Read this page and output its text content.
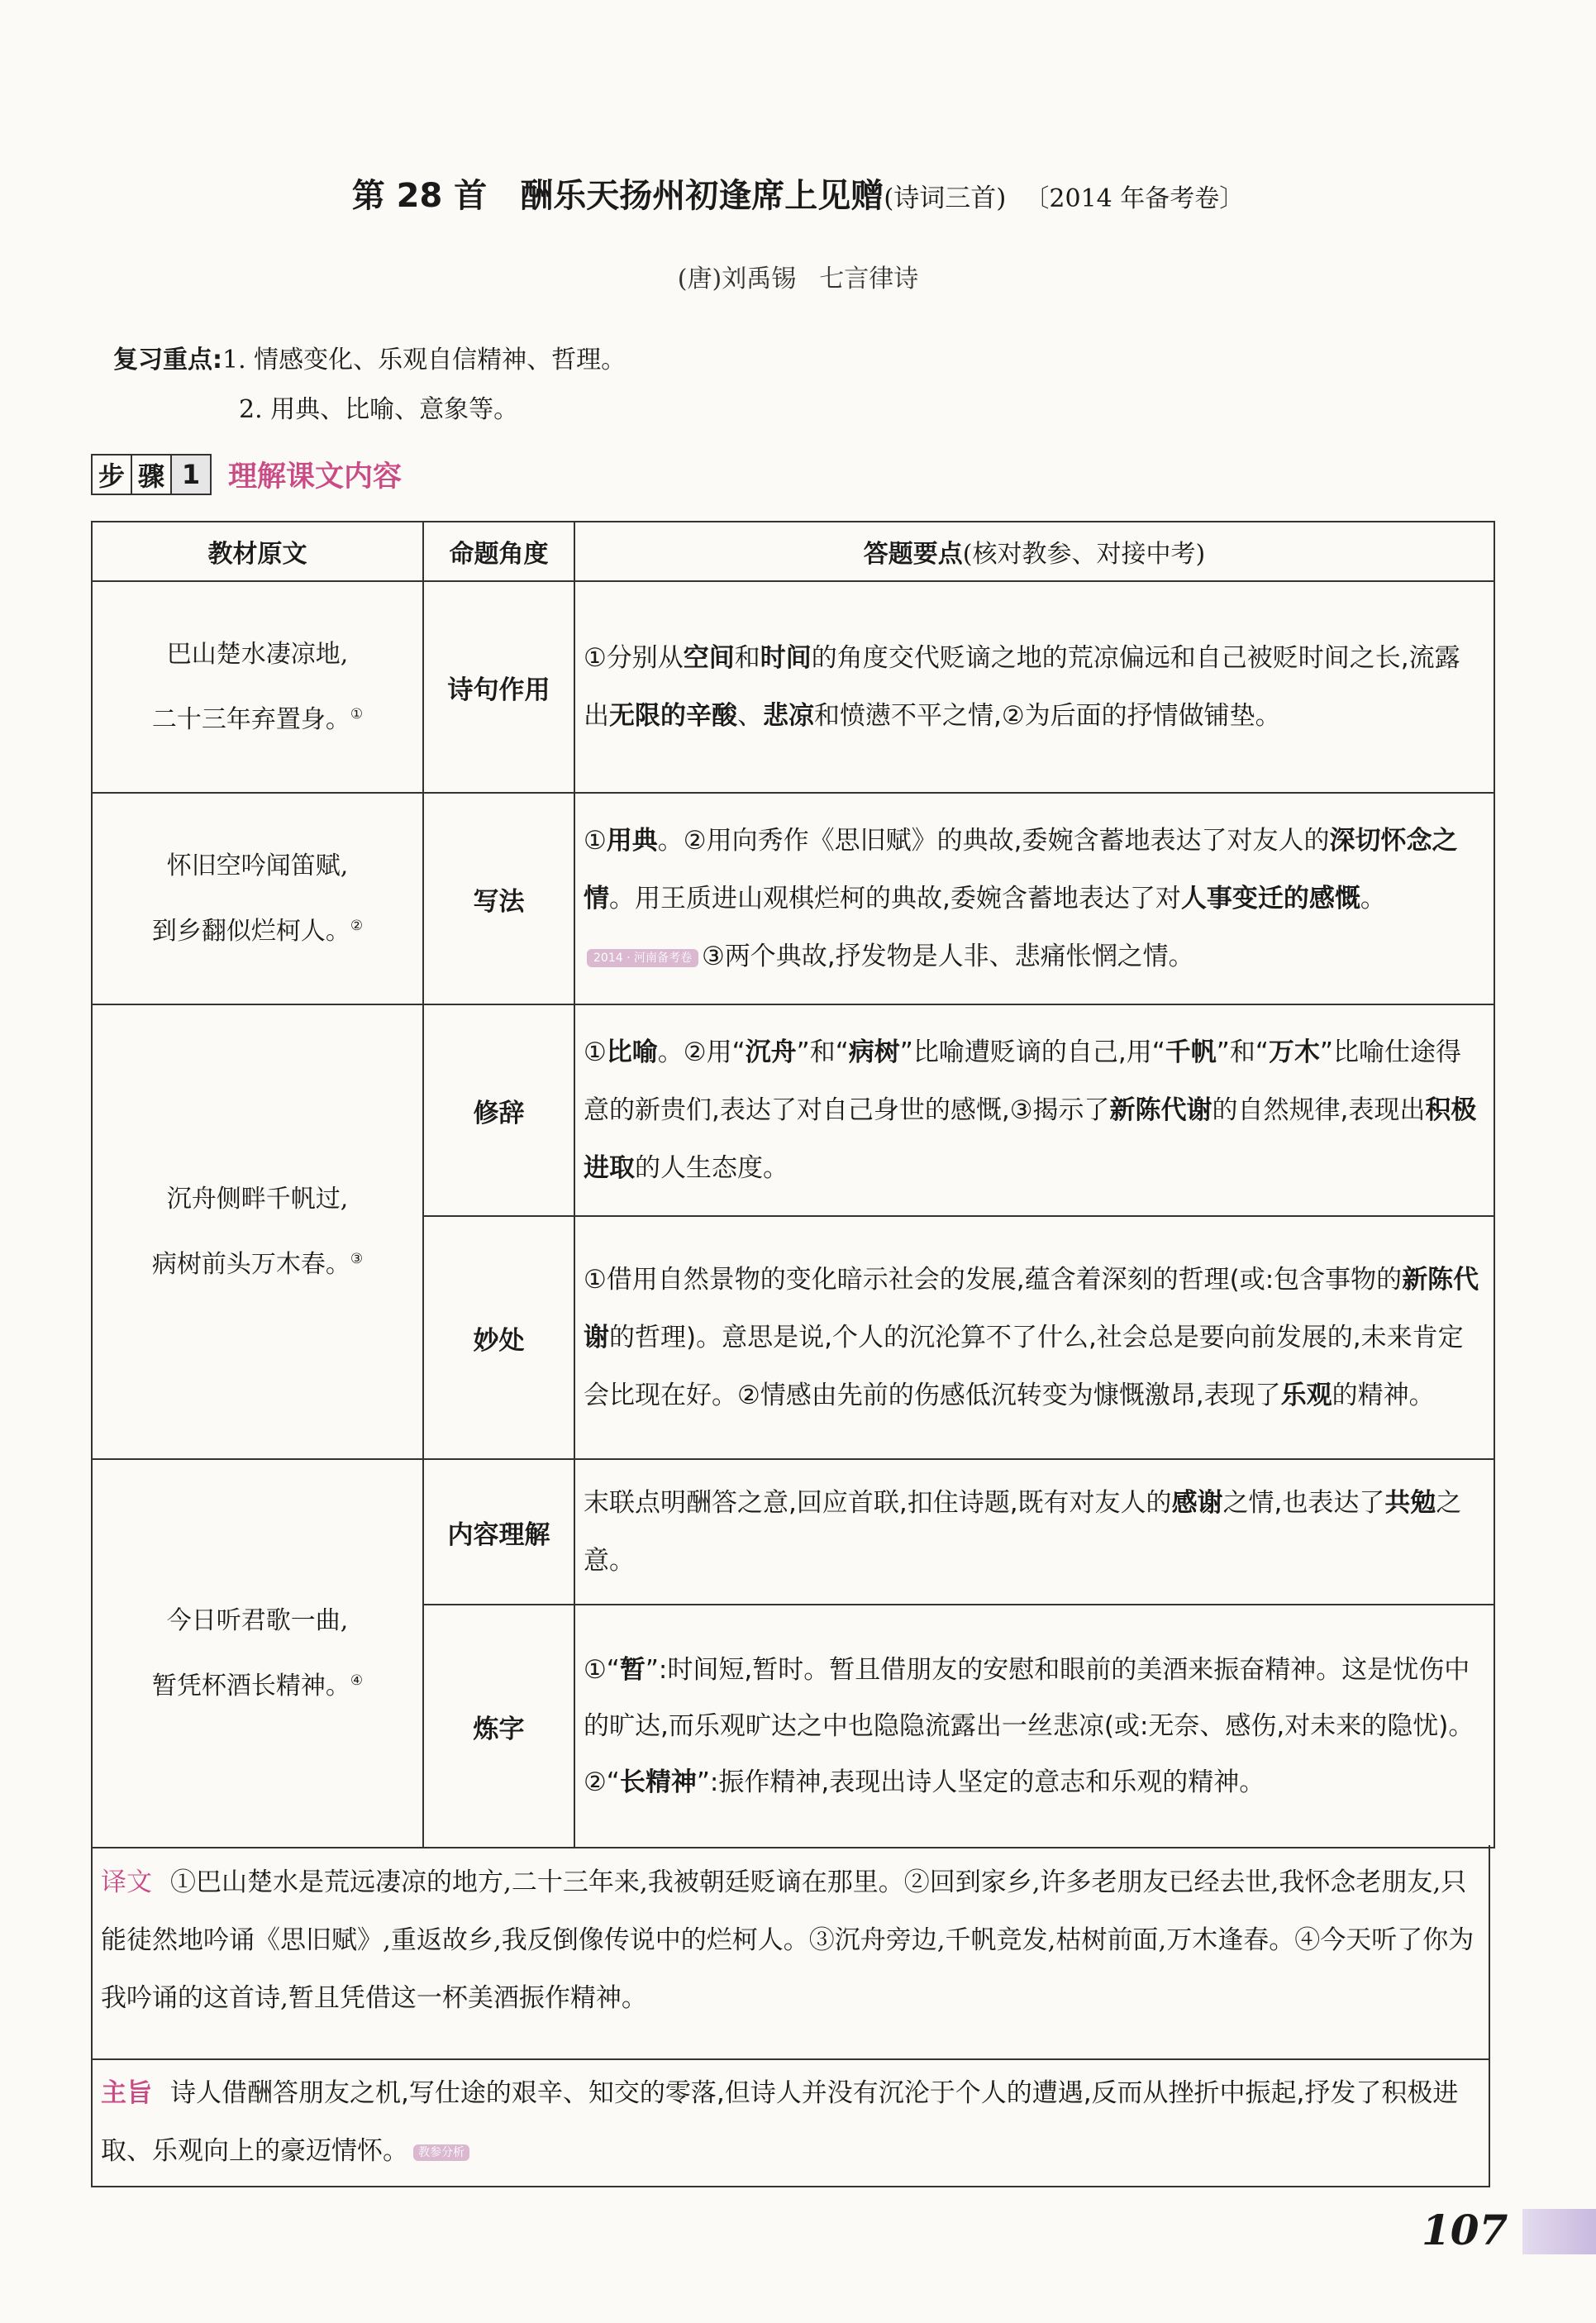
第 28 首 酬乐天扬州初逢席上见赠(诗词三首) 〔2014 年备考卷〕
(唐)刘禹锡 七言律诗
复习重点:1. 情感变化、乐观自信精神、哲理。
2. 用典、比喻、意象等。
步 骤 1 理解课文内容
教材原文	命题角度	答题要点(核对教参、对接中考)
巴山楚水凄凉地,
二十三年弃置身。①	诗句作用	①分别从空间和时间的角度交代贬谪之地的荒凉偏远和自己被贬时间之长,流露出无限的辛酸、悲凉和愤懑不平之情,②为后面的抒情做铺垫。
怀旧空吟闻笛赋,
到乡翻似烂柯人。②	写法	①用典。②用向秀作《思旧赋》的典故,委婉含蓄地表达了对友人的深切怀念之情。用王质进山观棋烂柯的典故,委婉含蓄地表达了对人事变迁的感慨。2014 · 河南备考卷 ③两个典故,抒发物是人非、悲痛怅惘之情。
沉舟侧畔千帆过,
病树前头万木春。③	修辞	①比喻。②用“沉舟”和“病树”比喻遭贬谪的自己,用“千帆”和“万木”比喻仕途得意的新贵们,表达了对自己身世的感慨,③揭示了新陈代谢的自然规律,表现出积极进取的人生态度。
	妙处	①借用自然景物的变化暗示社会的发展,蕴含着深刻的哲理(或:包含事物的新陈代谢的哲理)。意思是说,个人的沉沦算不了什么,社会总是要向前发展的,未来肯定会比现在好。②情感由先前的伤感低沉转变为慷慨激昂,表现了乐观的精神。
今日听君歌一曲,
暂凭杯酒长精神。④	内容理解	末联点明酬答之意,回应首联,扣住诗题,既有对友人的感谢之情,也表达了共勉之意。
	炼字	①“暂”:时间短,暂时。暂且借朋友的安慰和眼前的美酒来振奋精神。这是忧伤中的旷达,而乐观旷达之中也隐隐流露出一丝悲凉(或:无奈、感伤,对未来的隐忧)。
②“长精神”:振作精神,表现出诗人坚定的意志和乐观的精神。
译文 ①巴山楚水是荒远凄凉的地方,二十三年来,我被朝廷贬谪在那里。②回到家乡,许多老朋友已经去世,我怀念老朋友,只能徒然地吟诵《思旧赋》,重返故乡,我反倒像传说中的烂柯人。③沉舟旁边,千帆竞发,枯树前面,万木逢春。④今天听了你为我吟诵的这首诗,暂且凭借这一杯美酒振作精神。
主旨 诗人借酬答朋友之机,写仕途的艰辛、知交的零落,但诗人并没有沉沦于个人的遭遇,反而从挫折中振起,抒发了积极进取、乐观向上的豪迈情怀。 教参分析
107
